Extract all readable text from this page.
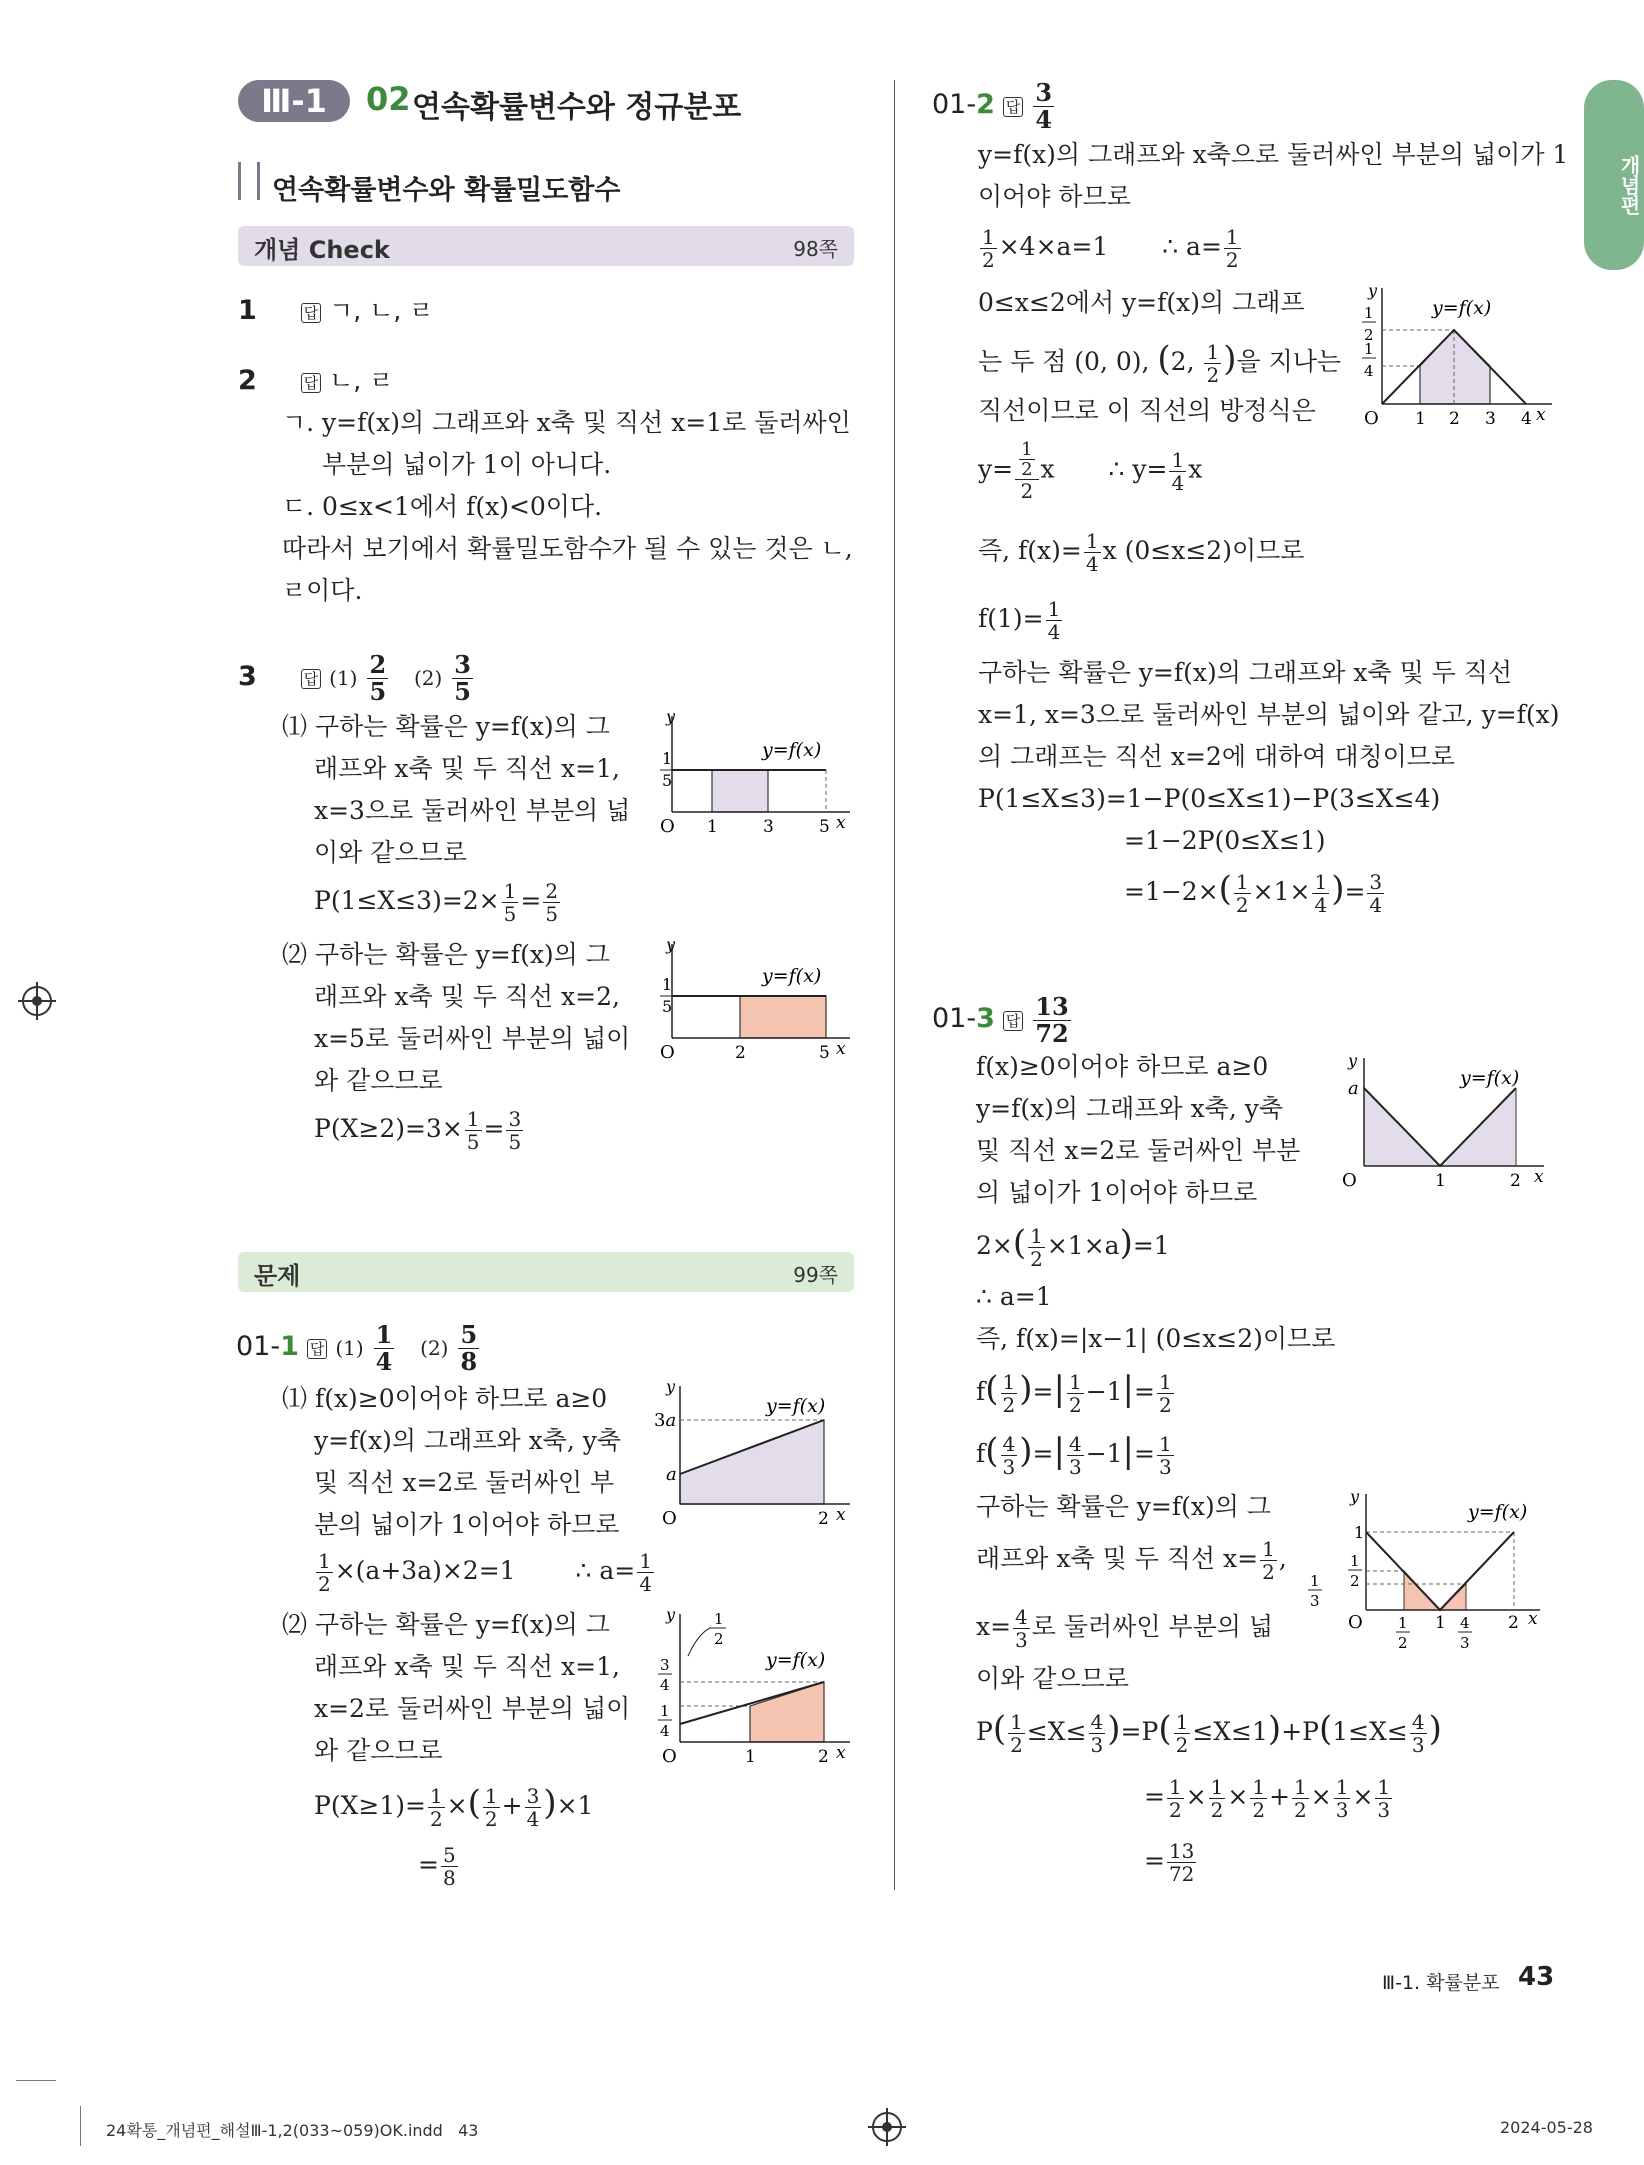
Ⅲ-1	02 연속확률변수와 정규분포
연속확률변수와 확률밀도함수	개념편
개념 Check	98쪽
1	답 ㄱ, ㄴ, ㄹ
2	답 ㄴ, ㄹ
ㄱ. y=f(x)의 그래프와 x축 및 직선 x=1로 둘러싸인
부분의 넓이가 1이 아니다.
ㄷ. 0≤x<1에서 f(x)<0이다.
따라서 보기에서 확률밀도함수가 될 수 있는 것은 ㄴ,
ㄹ이다.
3	답 $(1) \frac{2}{5} (2) \frac{3}{5}$
⑴ 구하는 확률은 y=f(x)의 그
래프와 x축 및 두 직선 x=1,
x=3으로 둘러싸인 부분의 넓
이와 같으므로
$P(1\le X\le 3)=2\times \frac{1}{5} = \frac{2}{5}$
⑵ 구하는 확률은 y=f(x)의 그
래프와 x축 및 두 직선 x=2,
x=5로 둘러싸인 부분의 넓이
와 같으므로
$P(X\ge 2)=3\times \frac{1}{5} = \frac{3}{5}$
y
y=f(x)
1
5
O 1	3	5 x
y
y=f(x)
1
5
O	2	5 x
문제	99쪽
01-1 답 $(1) \frac{1}{4} (2) \frac{5}{8}$
⑴ f(x)≥0이어야 하므로 a≥0
y=f(x)의 그래프와 x축, y축
및 직선 x=2로 둘러싸인 부
분의 넓이가 1이어야 하므로
$\frac{1}{2} \times(a+3a)\times 2=1$ ∴ $a= \frac{1}{4}$
⑵ 구하는 확률은 y=f(x)의 그
래프와 x축 및 두 직선 x=1,
x=2로 둘러싸인 부분의 넓이
와 같으므로
$P(X\ge 1)= \frac{1}{2}$ ×( $\frac{1}{2} + \frac{3}{4} )\times 1$
= $\frac{5}{8}$
y
y=f(x)
3a
a
O	2 x
y	1
2
y=f(x)
3
4
1
4
O	1	2 x
01-2 답 $\frac{3}{4}$
y=f(x)의 그래프와 x축으로 둘러싸인 부분의 넓이가 1
이어야 하므로
$\frac{1}{2} \times 4\times a=1$ ∴ $a= \frac{1}{2}$
0≤x≤2에서 y=f(x)의 그래프
는 두 점 (0, 0), (2, $\frac{1}{2}$ )을 지나는
직선이므로 이 직선의 방정식은
$y= \frac{\frac{1}{2}}{2}$ x ∴ $y= \frac{1}{4}$ x
즉, $f(x)= \frac{1}{4}$ x (0≤x≤2)이므로
$f(1)= \frac{1}{4}$
구하는 확률은 y=f(x)의 그래프와 x축 및 두 직선
x=1, x=3으로 둘러싸인 부분의 넓이와 같고, y=f(x)
의 그래프는 직선 x=2에 대하여 대칭이므로
P(1≤X≤3)=1−P(0≤X≤1)−P(3≤X≤4)
=1−2P(0≤X≤1)
$=1-2\times( \frac{1}{2} \times 1\times \frac{1}{4}$ )= $\frac{3}{4}$
y
1
2
1
4
y=f(x)
O 1 2 3 4 x
01-3 답 $\frac{13}{72}$
f(x)≥0이어야 하므로 a≥0
y=f(x)의 그래프와 x축, y축
및 직선 x=2로 둘러싸인 부분
의 넓이가 1이어야 하므로
$2\times( \frac{1}{2} \times 1\times a)=1$
∴ a=1
즉, f(x)=|x−1| (0≤x≤2)이므로
$f( \frac{1}{2}$ )=| $\frac{1}{2} -1|= \frac{1}{2}$
$f( \frac{4}{3}$ )=| $\frac{4}{3} -1|= \frac{1}{3}$
구하는 확률은 y=f(x)의 그
래프와 x축 및 두 직선 $x= \frac{1}{2}$ ,
$x= \frac{4}{3}$ 로 둘러싸인 부분의 넓
이와 같으므로
$P( \frac{1}{2} \le X\le \frac{4}{3} )=P( \frac{1}{2} \le X\le 1)+P(1\le X\le \frac{4}{3}$ )
= $\frac{1}{2} \times \frac{1}{2} \times \frac{1}{2} + \frac{1}{2} \times \frac{1}{3} \times \frac{1}{3}$
= $\frac{13}{72}$
y
a	y=f(x)
O	1	2 x
y
1
1
2
1
3
y=f(x)
O 1
2
1 4
3
2 x
Ⅲ-1. 확률분포 43
24확통_개념편_해설Ⅲ-1,2(033~059)OK.indd   43	2024-05-28
